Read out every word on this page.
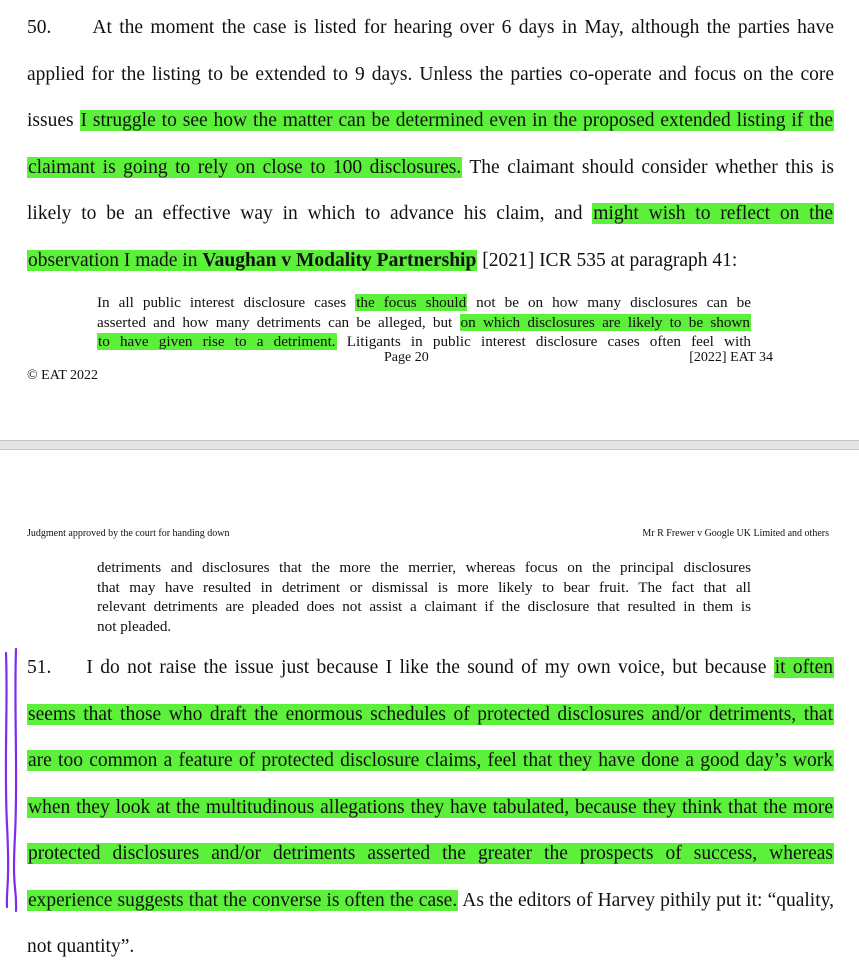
50. At the moment the case is listed for hearing over 6 days in May, although the parties have
applied for the listing to be extended to 9 days. Unless the parties co-operate and focus on the core
issues I struggle to see how the matter can be determined even in the proposed extended listing if the
claimant is going to rely on close to 100 disclosures. The claimant should consider whether this is
likely to be an effective way in which to advance his claim, and might wish to reflect on the
observation I made in Vaughan v Modality Partnership [2021] ICR 535 at paragraph 41:
In all public interest disclosure cases the focus should not be on how many disclosures can be
asserted and how many detriments can be alleged, but on which disclosures are likely to be shown
to have given rise to a detriment. Litigants in public interest disclosure cases often feel with
Page 20	[2022] EAT 34
© EAT 2022
Judgment approved by the court for handing down	Mr R Frewer v Google UK Limited and others
detriments and disclosures that the more the merrier, whereas focus on the principal disclosures
that may have resulted in detriment or dismissal is more likely to bear fruit. The fact that all
relevant detriments are pleaded does not assist a claimant if the disclosure that resulted in them is
not pleaded.
51. I do not raise the issue just because I like the sound of my own voice, but because it often
seems that those who draft the enormous schedules of protected disclosures and/or detriments, that
are too common a feature of protected disclosure claims, feel that they have done a good day’s work
when they look at the multitudinous allegations they have tabulated, because they think that the more
protected disclosures and/or detriments asserted the greater the prospects of success, whereas
experience suggests that the converse is often the case. As the editors of Harvey pithily put it: “quality,
not quantity”.
